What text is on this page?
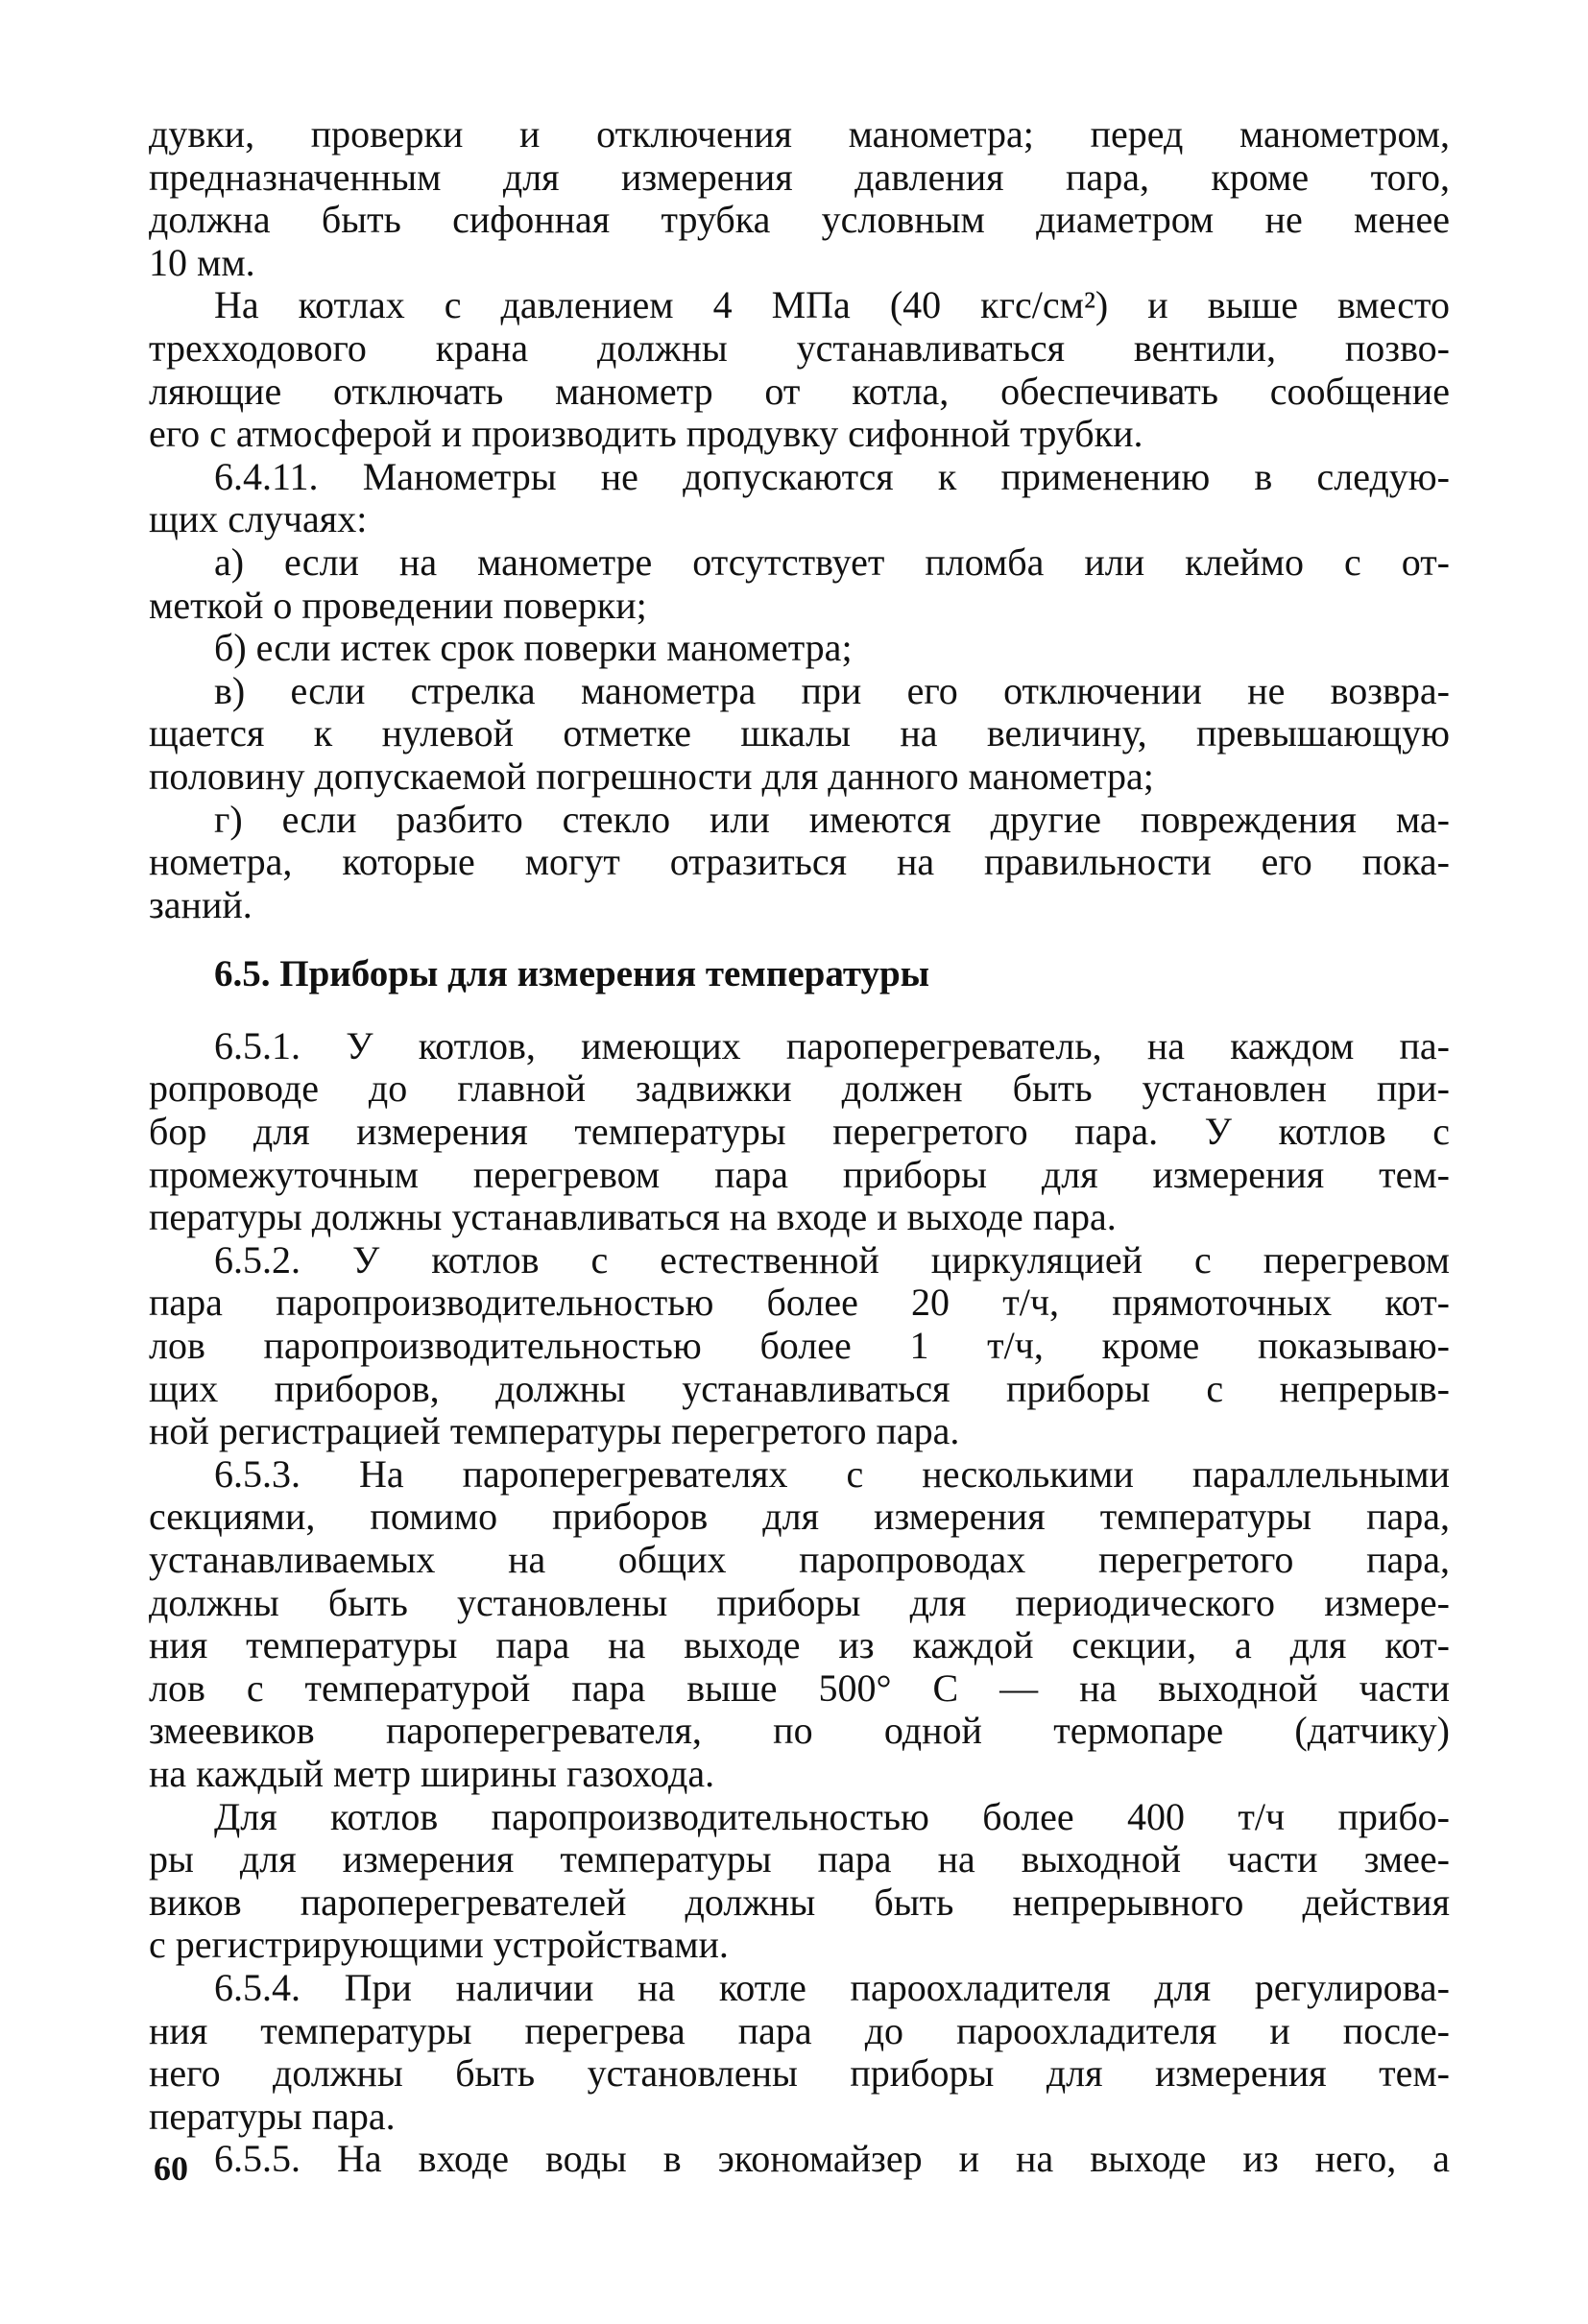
дувки, проверки и отключения манометра; перед манометром,
предназначенным для измерения давления пара, кроме того,
должна быть сифонная трубка условным диаметром не менее
10 мм.
На котлах с давлением 4 МПа (40 кгс/см²) и выше вместо
трехходового крана должны устанавливаться вентили, позво-
ляющие отключать манометр от котла, обеспечивать сообщение
его с атмосферой и производить продувку сифонной трубки.
6.4.11. Манометры не допускаются к применению в следую-
щих случаях:
а) если на манометре отсутствует пломба или клеймо с от-
меткой о проведении поверки;
б) если истек срок поверки манометра;
в) если стрелка манометра при его отключении не возвра-
щается к нулевой отметке шкалы на величину, превышающую
половину допускаемой погрешности для данного манометра;
г) если разбито стекло или имеются другие повреждения ма-
нометра, которые могут отразиться на правильности его пока-
заний.
6.5. Приборы для измерения температуры
6.5.1. У котлов, имеющих пароперегреватель, на каждом па-
ропроводе до главной задвижки должен быть установлен при-
бор для измерения температуры перегретого пара. У котлов с
промежуточным перегревом пара приборы для измерения тем-
пературы должны устанавливаться на входе и выходе пара.
6.5.2. У котлов с естественной циркуляцией с перегревом
пара паропроизводительностью более 20 т/ч, прямоточных кот-
лов паропроизводительностью более 1 т/ч, кроме показываю-
щих приборов, должны устанавливаться приборы с непрерыв-
ной регистрацией температуры перегретого пара.
6.5.3. На пароперегревателях с несколькими параллельными
секциями, помимо приборов для измерения температуры пара,
устанавливаемых на общих паропроводах перегретого пара,
должны быть установлены приборы для периодического измере-
ния температуры пара на выходе из каждой секции, а для кот-
лов с температурой пара выше 500° С — на выходной части
змеевиков пароперегревателя, по одной термопаре (датчику)
на каждый метр ширины газохода.
Для котлов паропроизводительностью более 400 т/ч прибо-
ры для измерения температуры пара на выходной части змее-
виков пароперегревателей должны быть непрерывного действия
с регистрирующими устройствами.
6.5.4. При наличии на котле пароохладителя для регулирова-
ния температуры перегрева пара до пароохладителя и после-
него должны быть установлены приборы для измерения тем-
пературы пара.
6.5.5. На входе воды в экономайзер и на выходе из него, а
60
